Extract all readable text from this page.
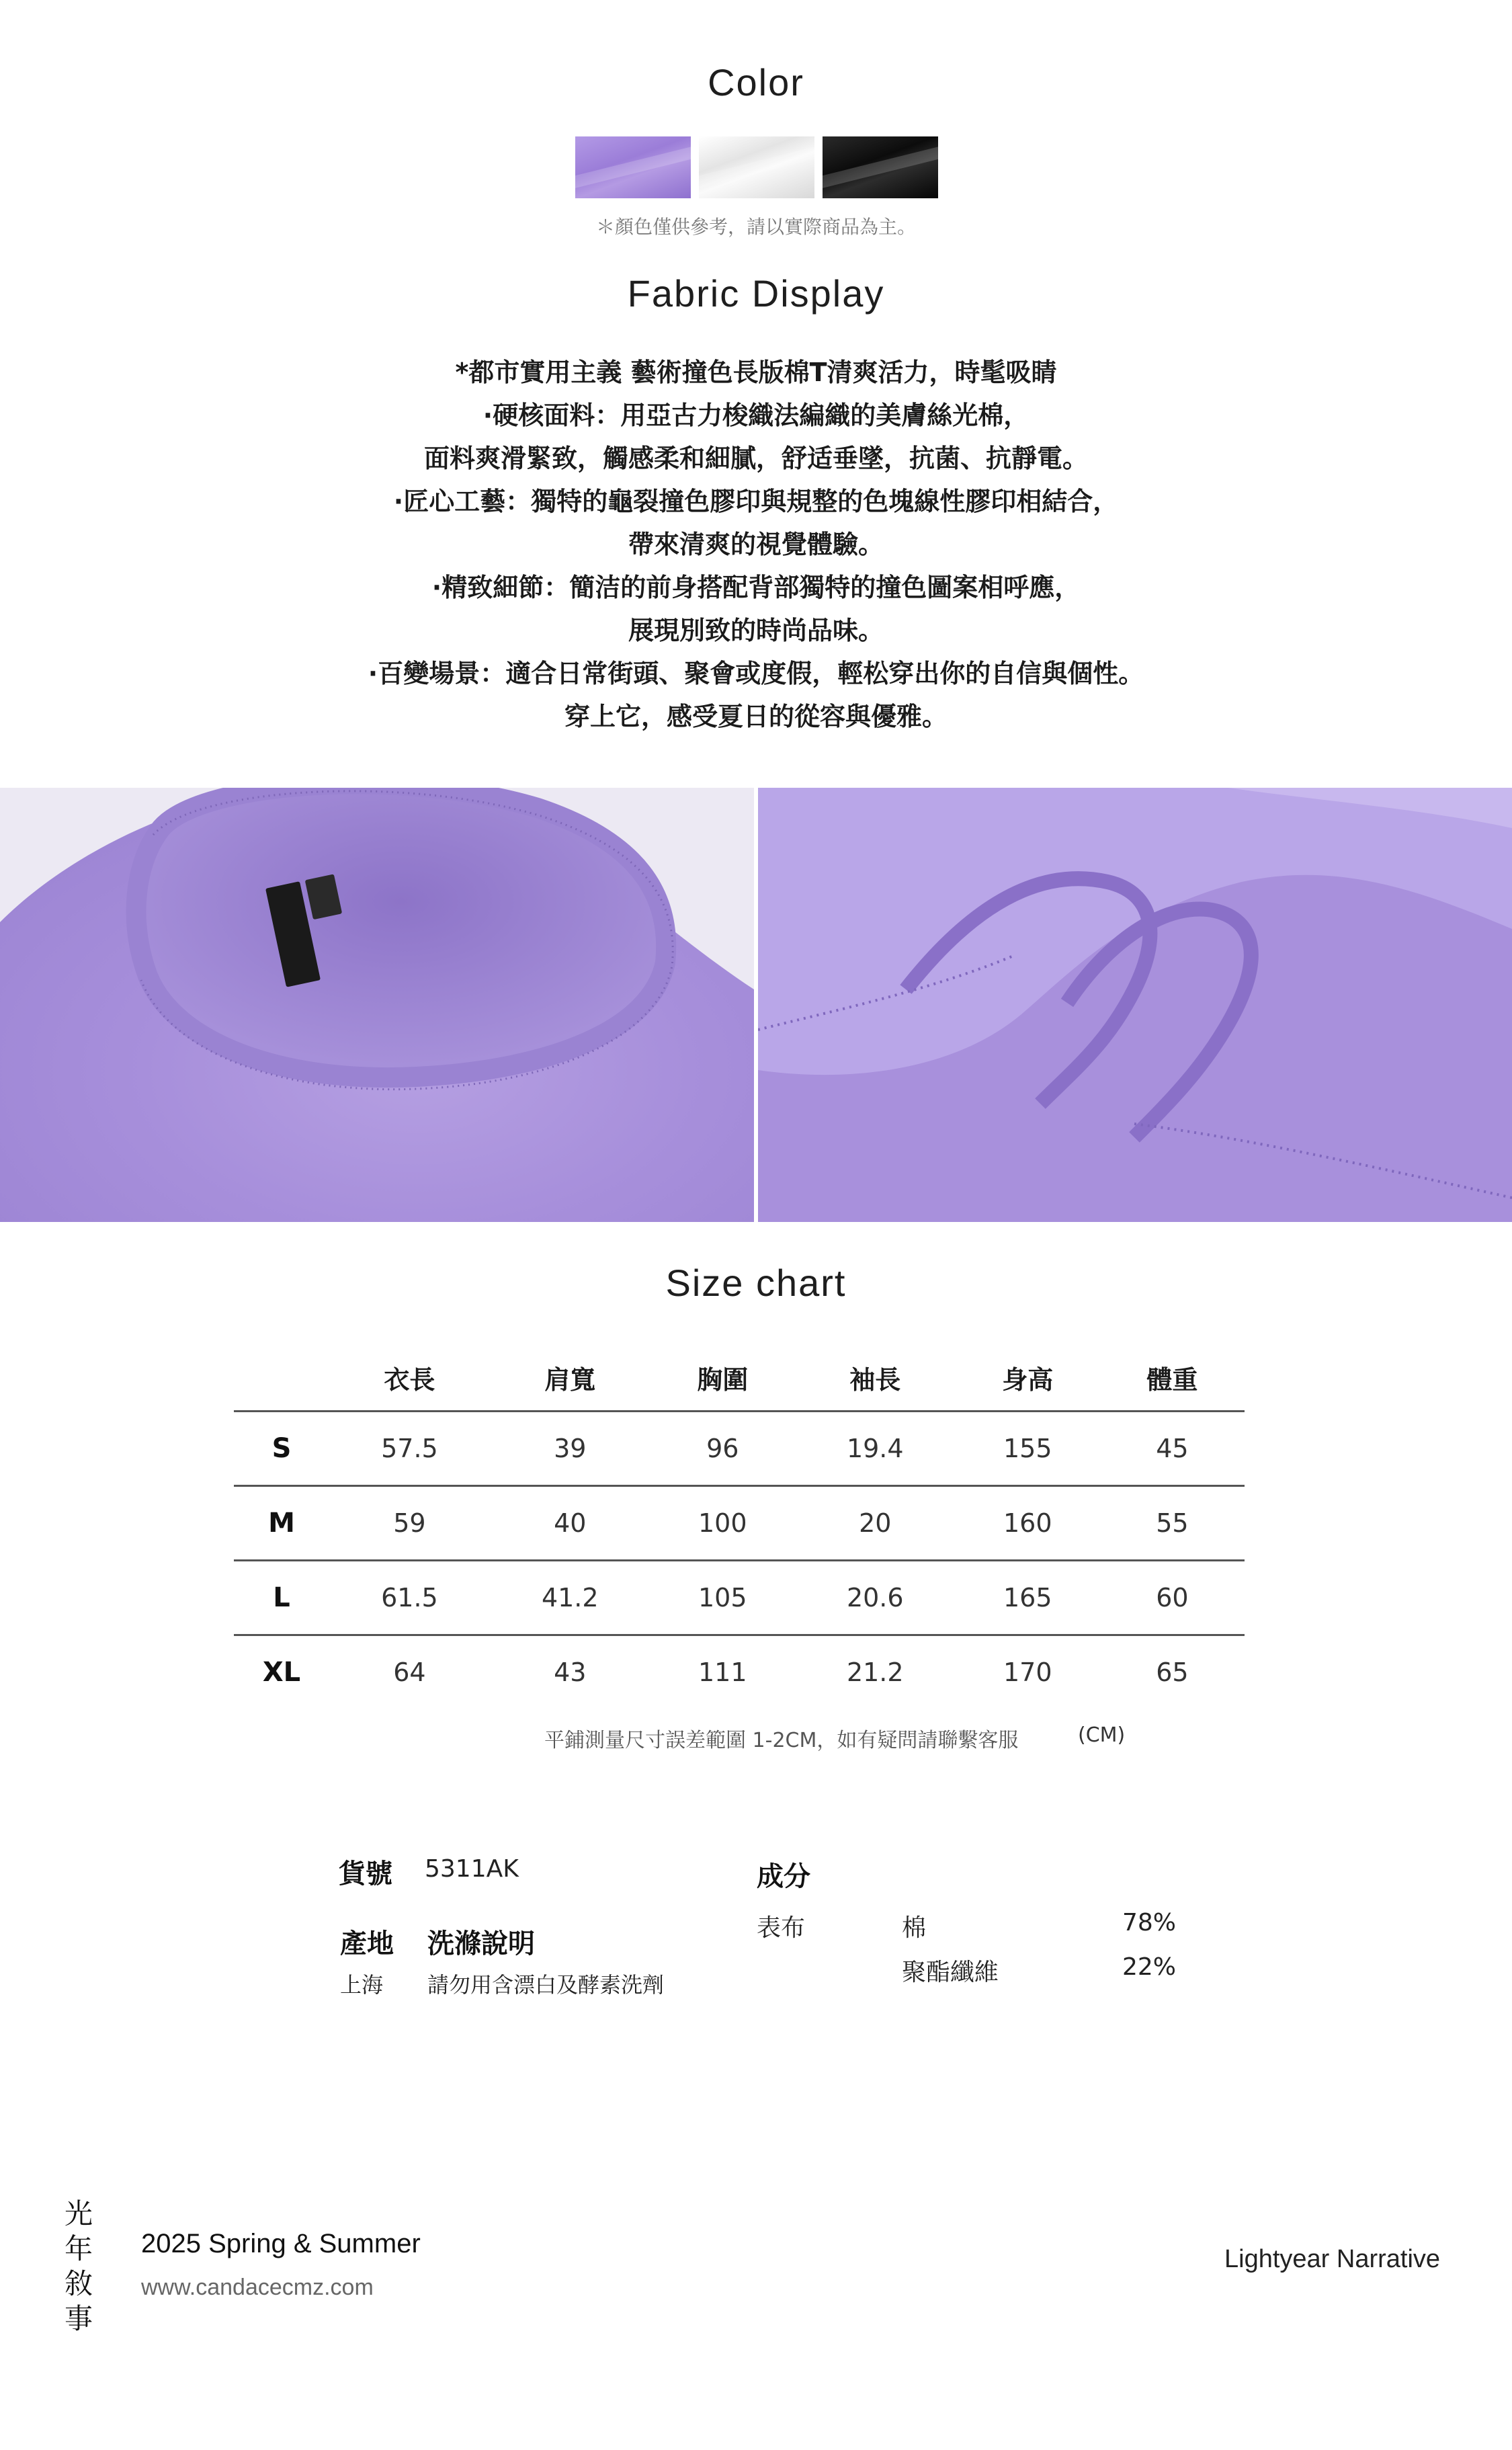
Color
＊顏色僅供參考，請以實際商品為主。
Fabric Display
*都市實用主義 藝術撞色長版棉T清爽活力，時髦吸睛
·硬核面料：用亞古力梭織法編織的美膚絲光棉，
面料爽滑緊致，觸感柔和細膩，舒适垂墜，抗菌、抗靜電。
·匠心工藝：獨特的龜裂撞色膠印與規整的色塊線性膠印相結合，
帶來清爽的視覺體驗。
·精致細節：簡洁的前身搭配背部獨特的撞色圖案相呼應，
展現別致的時尚品味。
·百變場景：適合日常街頭、聚會或度假，輕松穿出你的自信與個性。
穿上它，感受夏日的從容與優雅。
Size chart
	衣長	肩寬	胸圍	袖長	身高	體重
S	57.5	39	96	19.4	155	45
M	59	40	100	20	160	55
L	61.5	41.2	105	20.6	165	60
XL	64	43	111	21.2	170	65
平鋪測量尺寸誤差範圍 1-2CM，如有疑問請聯繫客服	(CM)
貨號 5311AK
產地 洗滌說明
上海 請勿用含漂白及酵素洗劑
成分
表布	棉	78%
聚酯纖維	22%
光
年
敘
事
2025 Spring & Summer
www.candacecmz.com
Lightyear Narrative
